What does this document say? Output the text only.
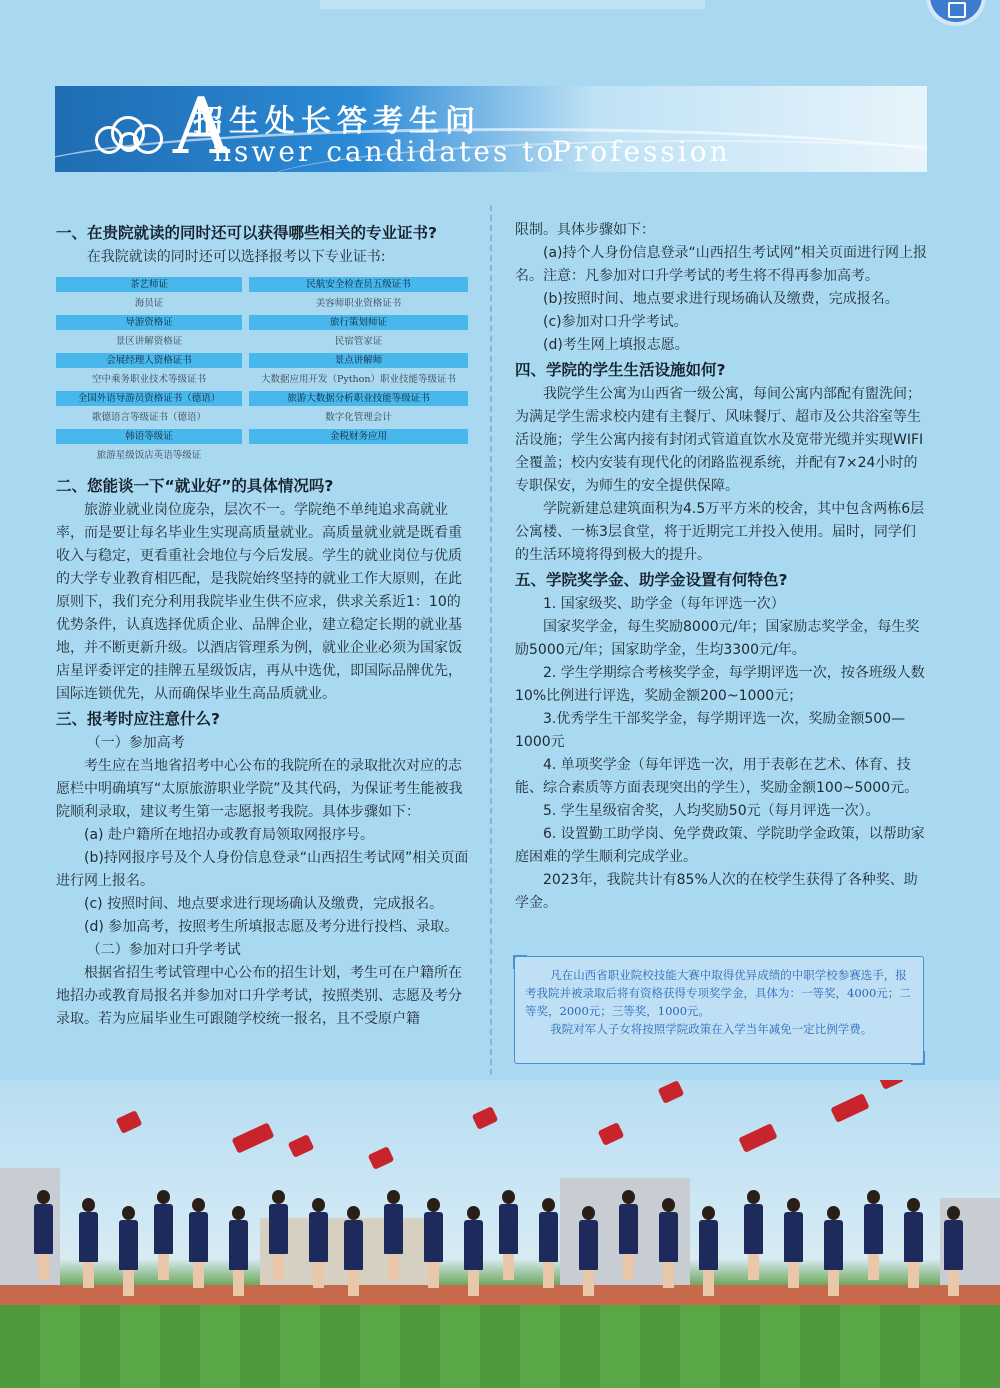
A
招生处长答考生问
nswer candidates to
Profession
一、在贵院就读的同时还可以获得哪些相关的专业证书?

在我院就读的同时还可以选择报考以下专业证书:

茶艺师证	民航安全检查员五级证书
海员证	美容师职业资格证书
导游资格证	旅行策划师证
景区讲解资格证	民宿管家证
会展经理人资格证书	景点讲解师
空中乘务职业技术等级证书	大数据应用开发（Python）职业技能等级证书
全国外语导游员资格证书（德语）	旅游大数据分析职业技能等级证书
歌德语言等级证书（德语）	数字化管理会计
韩语等级证	金税财务应用
旅游星级饭店英语等级证
二、您能谈一下“就业好”的具体情况吗?

旅游业就业岗位庞杂，层次不一。学院绝不单纯追求高就业率，而是要让每名毕业生实现高质量就业。高质量就业就是既看重收入与稳定，更看重社会地位与今后发展。学生的就业岗位与优质的大学专业教育相匹配，是我院始终坚持的就业工作大原则，在此原则下，我们充分利用我院毕业生供不应求，供求关系近1：10的优势条件，认真选择优质企业、品牌企业，建立稳定长期的就业基地，并不断更新升级。以酒店管理系为例，就业企业必须为国家饭店星评委评定的挂牌五星级饭店，再从中选优，即国际品牌优先，国际连锁优先，从而确保毕业生高品质就业。

三、报考时应注意什么?

（一）参加高考

考生应在当地省招考中心公布的我院所在的录取批次对应的志愿栏中明确填写“太原旅游职业学院”及其代码，为保证考生能被我院顺利录取，建议考生第一志愿报考我院。具体步骤如下：

(a) 赴户籍所在地招办或教育局领取网报序号。

(b)持网报序号及个人身份信息登录“山西招生考试网”相关页面进行网上报名。

(c) 按照时间、地点要求进行现场确认及缴费，完成报名。

(d) 参加高考，按照考生所填报志愿及考分进行投档、录取。

（二）参加对口升学考试

根据省招生考试管理中心公布的招生计划，考生可在户籍所在地招办或教育局报名并参加对口升学考试，按照类别、志愿及考分录取。若为应届毕业生可跟随学校统一报名，且不受原户籍

限制。具体步骤如下：

(a)持个人身份信息登录“山西招生考试网”相关页面进行网上报名。注意：凡参加对口升学考试的考生将不得再参加高考。

(b)按照时间、地点要求进行现场确认及缴费，完成报名。

(c)参加对口升学考试。

(d)考生网上填报志愿。

四、学院的学生生活设施如何?

我院学生公寓为山西省一级公寓，每间公寓内部配有盥洗间；为满足学生需求校内建有主餐厅、风味餐厅、超市及公共浴室等生活设施；学生公寓内接有封闭式管道直饮水及宽带光缆并实现WIFI全覆盖；校内安装有现代化的闭路监视系统，并配有7×24小时的专职保安，为师生的安全提供保障。

学院新建总建筑面积为4.5万平方米的校舍，其中包含两栋6层公寓楼、一栋3层食堂，将于近期完工并投入使用。届时，同学们的生活环境将得到极大的提升。

五、学院奖学金、助学金设置有何特色?

1. 国家级奖、助学金（每年评选一次）

国家奖学金，每生奖励8000元/年；国家励志奖学金，每生奖励5000元/年；国家助学金，生均3300元/年。

2. 学生学期综合考核奖学金，每学期评选一次，按各班级人数10%比例进行评选，奖励金额200~1000元；

3.优秀学生干部奖学金，每学期评选一次，奖励金额500—1000元

4. 单项奖学金（每年评选一次，用于表彰在艺术、体育、技能、综合素质等方面表现突出的学生），奖励金额100~5000元。

5. 学生星级宿舍奖，人均奖励50元（每月评选一次）。

6. 设置勤工助学岗、免学费政策、学院助学金政策，以帮助家庭困难的学生顺利完成学业。

2023年，我院共计有85%人次的在校学生获得了各种奖、助学金。

凡在山西省职业院校技能大赛中取得优异成绩的中职学校参赛选手，报考我院并被录取后将有资格获得专项奖学金，具体为：一等奖，4000元；二等奖，2000元；三等奖，1000元。

我院对军人子女将按照学院政策在入学当年减免一定比例学费。
